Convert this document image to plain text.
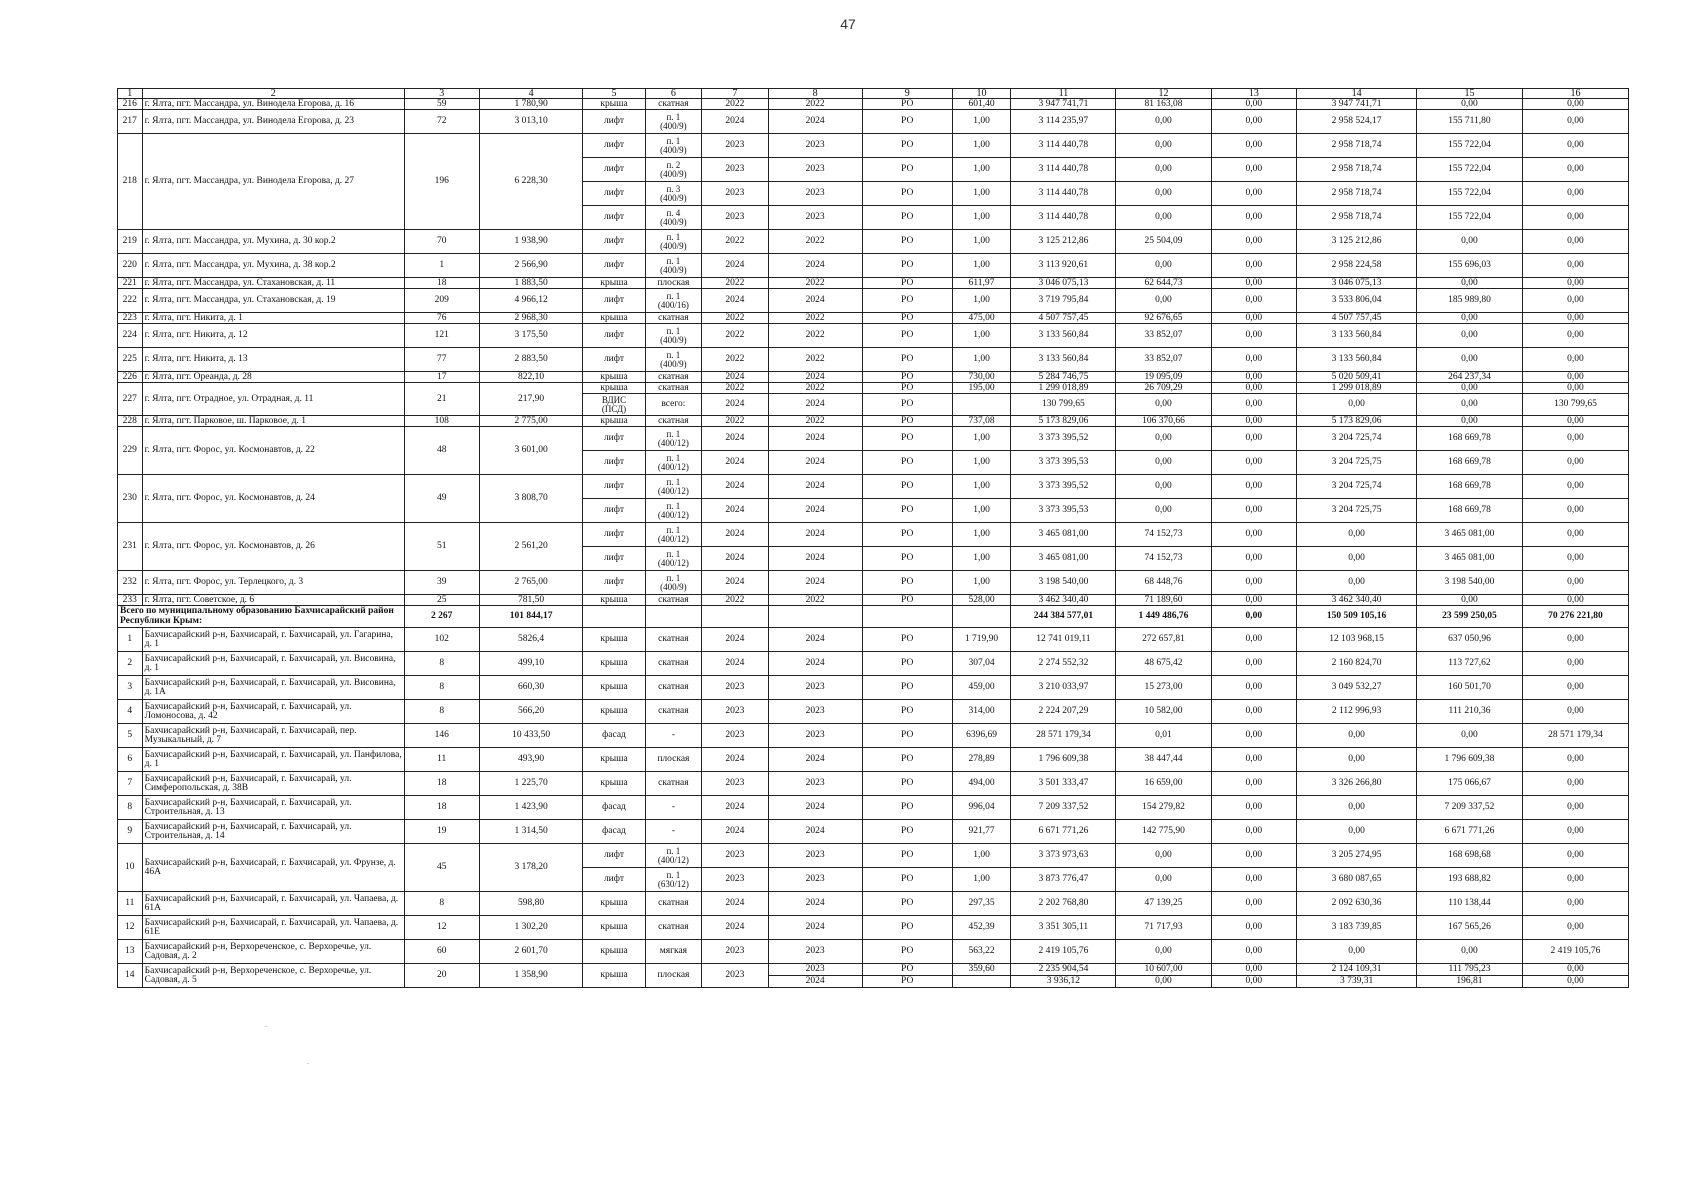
47
1	2	3	4	5	6	7	8	9	10	11	12	13	14	15	16
216	г. Ялта, пгт. Массандра, ул. Винодела Егорова, д. 16	59	1 780,90	крыша	скатная	2022	2022	РО	601,40	3 947 741,71	81 163,08	0,00	3 947 741,71	0,00	0,00
217	г. Ялта, пгт. Массандра, ул. Винодела Егорова, д. 23	72	3 013,10	лифт	п. 1
(400/9)	2024	2024	РО	1,00	3 114 235,97	0,00	0,00	2 958 524,17	155 711,80	0,00
218	г. Ялта, пгт. Массандра, ул. Винодела Егорова, д. 27	196	6 228,30	лифт	п. 1
(400/9)	2023	2023	РО	1,00	3 114 440,78	0,00	0,00	2 958 718,74	155 722,04	0,00
				лифт	п. 2
(400/9)	2023	2023	РО	1,00	3 114 440,78	0,00	0,00	2 958 718,74	155 722,04	0,00
				лифт	п. 3
(400/9)	2023	2023	РО	1,00	3 114 440,78	0,00	0,00	2 958 718,74	155 722,04	0,00
				лифт	п. 4
(400/9)	2023	2023	РО	1,00	3 114 440,78	0,00	0,00	2 958 718,74	155 722,04	0,00
219	г. Ялта, пгт. Массандра, ул. Мухина, д. 30 кор.2	70	1 938,90	лифт	п. 1
(400/9)	2022	2022	РО	1,00	3 125 212,86	25 504,09	0,00	3 125 212,86	0,00	0,00
220	г. Ялта, пгт. Массандра, ул. Мухина, д. 38 кор.2	1	2 566,90	лифт	п. 1
(400/9)	2024	2024	РО	1,00	3 113 920,61	0,00	0,00	2 958 224,58	155 696,03	0,00
221	г. Ялта, пгт. Массандра, ул. Стахановская, д. 11	18	1 883,50	крыша	плоская	2022	2022	РО	611,97	3 046 075,13	62 644,73	0,00	3 046 075,13	0,00	0,00
222	г. Ялта, пгт. Массандра, ул. Стахановская, д. 19	209	4 966,12	лифт	п. 1
(400/16)	2024	2024	РО	1,00	3 719 795,84	0,00	0,00	3 533 806,04	185 989,80	0,00
223	г. Ялта, пгт. Никита, д. 1	76	2 968,30	крыша	скатная	2022	2022	РО	475,00	4 507 757,45	92 676,65	0,00	4 507 757,45	0,00	0,00
224	г. Ялта, пгт. Никита, д. 12	121	3 175,50	лифт	п. 1
(400/9)	2022	2022	РО	1,00	3 133 560,84	33 852,07	0,00	3 133 560,84	0,00	0,00
225	г. Ялта, пгт. Никита, д. 13	77	2 883,50	лифт	п. 1
(400/9)	2022	2022	РО	1,00	3 133 560,84	33 852,07	0,00	3 133 560,84	0,00	0,00
226	г. Ялта, пгт. Ореанда, д. 28	17	822,10	крыша	скатная	2024	2024	РО	730,00	5 284 746,75	19 095,09	0,00	5 020 509,41	264 237,34	0,00
227	г. Ялта, пгт. Отрадное, ул. Отрадная, д. 11	21	217,90	крыша	скатная	2022	2022	РО	195,00	1 299 018,89	26 709,29	0,00	1 299 018,89	0,00	0,00

				ВДИС
(ПСД)	всего:	2024	2024	РО		130 799,65	0,00	0,00	0,00	0,00	130 799,65
228	г. Ялта, пгт. Парковое, ш. Парковое, д. 1	108	2 775,00	крыша	скатная	2022	2022	РО	737,08	5 173 829,06	106 370,66	0,00	5 173 829,06	0,00	0,00
229	г. Ялта, пгт. Форос, ул. Космонавтов, д. 22	48	3 601,00	лифт	п. 1
(400/12)	2024	2024	РО	1,00	3 373 395,52	0,00	0,00	3 204 725,74	168 669,78	0,00
				лифт	п. 1
(400/12)	2024	2024	РО	1,00	3 373 395,53	0,00	0,00	3 204 725,75	168 669,78	0,00
230	г. Ялта, пгт. Форос, ул. Космонавтов, д. 24	49	3 808,70	лифт	п. 1
(400/12)	2024	2024	РО	1,00	3 373 395,52	0,00	0,00	3 204 725,74	168 669,78	0,00
				лифт	п. 1
(400/12)	2024	2024	РО	1,00	3 373 395,53	0,00	0,00	3 204 725,75	168 669,78	0,00
231	г. Ялта, пгт. Форос, ул. Космонавтов, д. 26	51	2 561,20	лифт	п. 1
(400/12)	2024	2024	РО	1,00	3 465 081,00	74 152,73	0,00	0,00	3 465 081,00	0,00
				лифт	п. 1
(400/12)	2024	2024	РО	1,00	3 465 081,00	74 152,73	0,00	0,00	3 465 081,00	0,00
232	г. Ялта, пгт. Форос, ул. Терлецкого, д. 3	39	2 765,00	лифт	п. 1
(400/9)	2024	2024	РО	1,00	3 198 540,00	68 448,76	0,00	0,00	3 198 540,00	0,00
233	г. Ялта, пгт. Советское, д. 6	25	781,50	крыша	скатная	2022	2022	РО	528,00	3 462 340,40	71 189,60	0,00	3 462 340,40	0,00	0,00
Всего по муниципальному образованию Бахчисарайский район Республики Крым:		2 267	101 844,17							244 384 577,01	1 449 486,76	0,00	150 509 105,16	23 599 250,05	70 276 221,80
1	Бахчисарайский р-н, Бахчисарай, г. Бахчисарай, ул. Гагарина, д. 1	102	5826,4	крыша	скатная	2024	2024	РО	1 719,90	12 741 019,11	272 657,81	0,00	12 103 968,15	637 050,96	0,00
2	Бахчисарайский р-н, Бахчисарай, г. Бахчисарай, ул. Висовина, д. 1	8	499,10	крыша	скатная	2024	2024	РО	307,04	2 274 552,32	48 675,42	0,00	2 160 824,70	113 727,62	0,00
3	Бахчисарайский р-н, Бахчисарай, г. Бахчисарай, ул. Висовина, д. 1А	8	660,30	крыша	скатная	2023	2023	РО	459,00	3 210 033,97	15 273,00	0,00	3 049 532,27	160 501,70	0,00
4	Бахчисарайский р-н, Бахчисарай, г. Бахчисарай, ул. Ломоносова, д. 42	8	566,20	крыша	скатная	2023	2023	РО	314,00	2 224 207,29	10 582,00	0,00	2 112 996,93	111 210,36	0,00
5	Бахчисарайский р-н, Бахчисарай, г. Бахчисарай, пер. Музыкальный, д. 7	146	10 433,50	фасад	-	2023	2023	РО	6396,69	28 571 179,34	0,01	0,00	0,00	0,00	28 571 179,34
6	Бахчисарайский р-н, Бахчисарай, г. Бахчисарай, ул. Панфилова, д. 1	11	493,90	крыша	плоская	2024	2024	РО	278,89	1 796 609,38	38 447,44	0,00	0,00	1 796 609,38	0,00
7	Бахчисарайский р-н, Бахчисарай, г. Бахчисарай, ул. Симферопольская, д. 38В	18	1 225,70	крыша	скатная	2023	2023	РО	494,00	3 501 333,47	16 659,00	0,00	3 326 266,80	175 066,67	0,00
8	Бахчисарайский р-н, Бахчисарай, г. Бахчисарай, ул. Строительная, д. 13	18	1 423,90	фасад	-	2024	2024	РО	996,04	7 209 337,52	154 279,82	0,00	0,00	7 209 337,52	0,00
9	Бахчисарайский р-н, Бахчисарай, г. Бахчисарай, ул. Строительная, д. 14	19	1 314,50	фасад	-	2024	2024	РО	921,77	6 671 771,26	142 775,90	0,00	0,00	6 671 771,26	0,00
10	Бахчисарайский р-н, Бахчисарай, г. Бахчисарай, ул. Фрунзе, д. 46А	45	3 178,20	лифт	п. 1
(400/12)	2023	2023	РО	1,00	3 373 973,63	0,00	0,00	3 205 274,95	168 698,68	0,00
				лифт	п. 1
(630/12)	2023	2023	РО	1,00	3 873 776,47	0,00	0,00	3 680 087,65	193 688,82	0,00
11	Бахчисарайский р-н, Бахчисарай, г. Бахчисарай, ул. Чапаева, д. 61А	8	598,80	крыша	скатная	2024	2024	РО	297,35	2 202 768,80	47 139,25	0,00	2 092 630,36	110 138,44	0,00
12	Бахчисарайский р-н, Бахчисарай, г. Бахчисарай, ул. Чапаева, д. 61Е	12	1 302,20	крыша	скатная	2024	2024	РО	452,39	3 351 305,11	71 717,93	0,00	3 183 739,85	167 565,26	0,00
13	Бахчисарайский р-н, Верхореченское, с. Верхоречье, ул. Садовая, д. 2	60	2 601,70	крыша	мягкая	2023	2023	РО	563,22	2 419 105,76	0,00	0,00	0,00	0,00	2 419 105,76
14	Бахчисарайский р-н, Верхореченское, с. Верхоречье, ул. Садовая, д. 5	20	1 358,90	крыша	плоская	2023	2023	РО	359,60	2 235 904,54	10 607,00	0,00	2 124 109,31	111 795,23	0,00
							2024	РО		3 936,12	0,00	0,00	3 739,31	196,81	0,00
.
.
